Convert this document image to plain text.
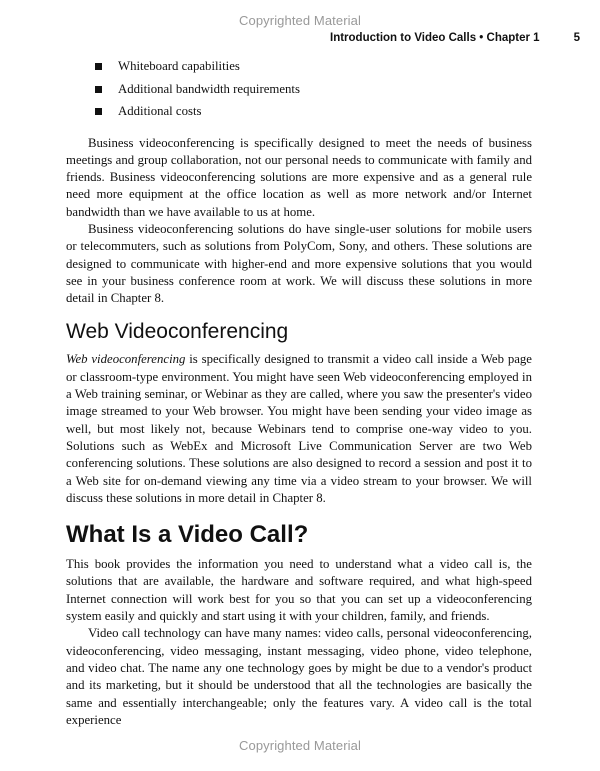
Copyrighted Material
Introduction to Video Calls • Chapter 1	5
Whiteboard capabilities
Additional bandwidth requirements
Additional costs

Business videoconferencing is specifically designed to meet the needs of business meetings and group collaboration, not our personal needs to communicate with family and friends. Business videoconferencing solutions are more expensive and as a general rule need more equipment at the office location as well as more network and/or Internet bandwidth than we have available to us at home.

Business videoconferencing solutions do have single-user solutions for mobile users or telecommuters, such as solutions from PolyCom, Sony, and others. These solutions are designed to communicate with higher-end and more expensive solutions that you would see in your business conference room at work. We will discuss these solutions in more detail in Chapter 8.

Web Videoconferencing

Web videoconferencing is specifically designed to transmit a video call inside a Web page or classroom-type environment. You might have seen Web videoconferencing employed in a Web training seminar, or Webinar as they are called, where you saw the presenter's video image streamed to your Web browser. You might have been sending your video image as well, but most likely not, because Webinars tend to comprise one-way video to you. Solutions such as WebEx and Microsoft Live Communication Server are two Web conferencing solutions. These solutions are also designed to record a session and post it to a Web site for on-demand viewing any time via a video stream to your browser. We will discuss these solutions in more detail in Chapter 8.

What Is a Video Call?

This book provides the information you need to understand what a video call is, the solutions that are available, the hardware and software required, and what high-speed Internet connection will work best for you so that you can set up a videoconferencing system easily and quickly and start using it with your children, family, and friends.

Video call technology can have many names: video calls, personal videoconferencing, videoconferencing, video messaging, instant messaging, video phone, video telephone, and video chat. The name any one technology goes by might be due to a vendor's product and its marketing, but it should be understood that all the technologies are basically the same and essentially interchangeable; only the features vary. A video call is the total experience

Copyrighted Material
